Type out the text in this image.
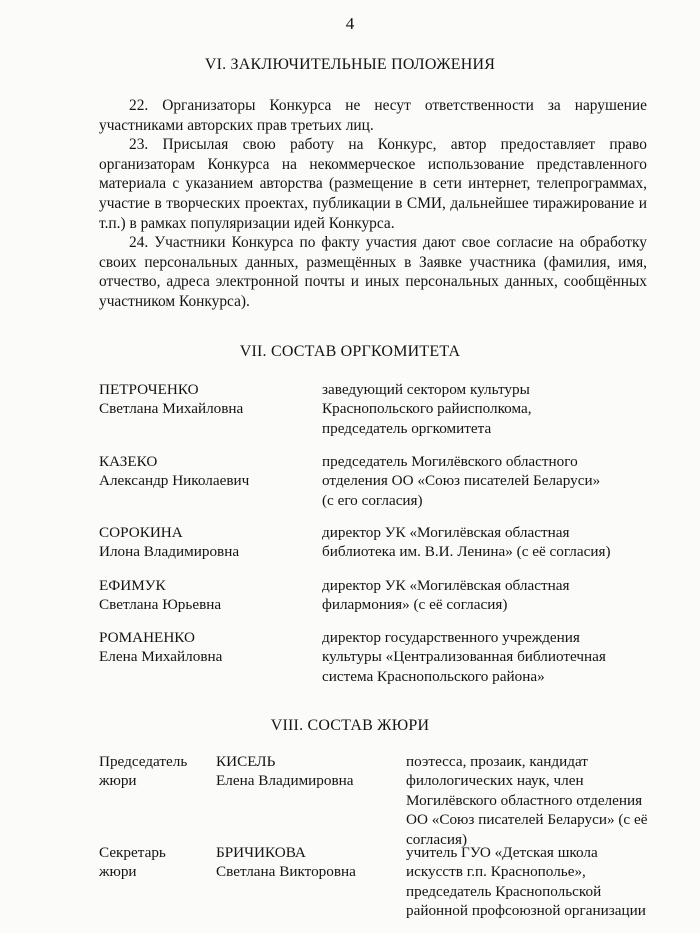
4
VI. ЗАКЛЮЧИТЕЛЬНЫЕ ПОЛОЖЕНИЯ
22. Организаторы Конкурса не несут ответственности за нарушение участниками авторских прав третьих лиц.
23. Присылая свою работу на Конкурс, автор предоставляет право организаторам Конкурса на некоммерческое использование представленного материала с указанием авторства (размещение в сети интернет, телепрограммах, участие в творческих проектах, публикации в СМИ, дальнейшее тиражирование и т.п.) в рамках популяризации идей Конкурса.
24. Участники Конкурса по факту участия дают свое согласие на обработку своих персональных данных, размещённых в Заявке участника (фамилия, имя, отчество, адреса электронной почты и иных персональных данных, сообщённых участником Конкурса).
VII. СОСТАВ ОРГКОМИТЕТА
ПЕТРОЧЕНКО
Светлана Михайловна
заведующий сектором культуры
Краснопольского райисполкома,
председатель оргкомитета
КАЗЕКО
Александр Николаевич
председатель Могилёвского областного
отделения ОО «Союз писателей Беларуси»
(с его согласия)
СОРОКИНА
Илона Владимировна
директор УК «Могилёвская областная
библиотека им. В.И. Ленина» (с её согласия)
ЕФИМУК
Светлана Юрьевна
директор УК «Могилёвская областная
филармония» (с её согласия)
РОМАНЕНКО
Елена Михайловна
директор государственного учреждения
культуры «Централизованная библиотечная
система Краснопольского района»
VIII. СОСТАВ ЖЮРИ
Председатель
жюри
КИСЕЛЬ
Елена Владимировна
поэтесса, прозаик, кандидат
филологических наук, член
Могилёвского областного отделения
ОО «Союз писателей Беларуси» (с её
согласия)
Секретарь
жюри
БРИЧИКОВА
Светлана Викторовна
учитель ГУО «Детская школа
искусств г.п. Краснополье»,
председатель Краснопольской
районной профсоюзной организации
